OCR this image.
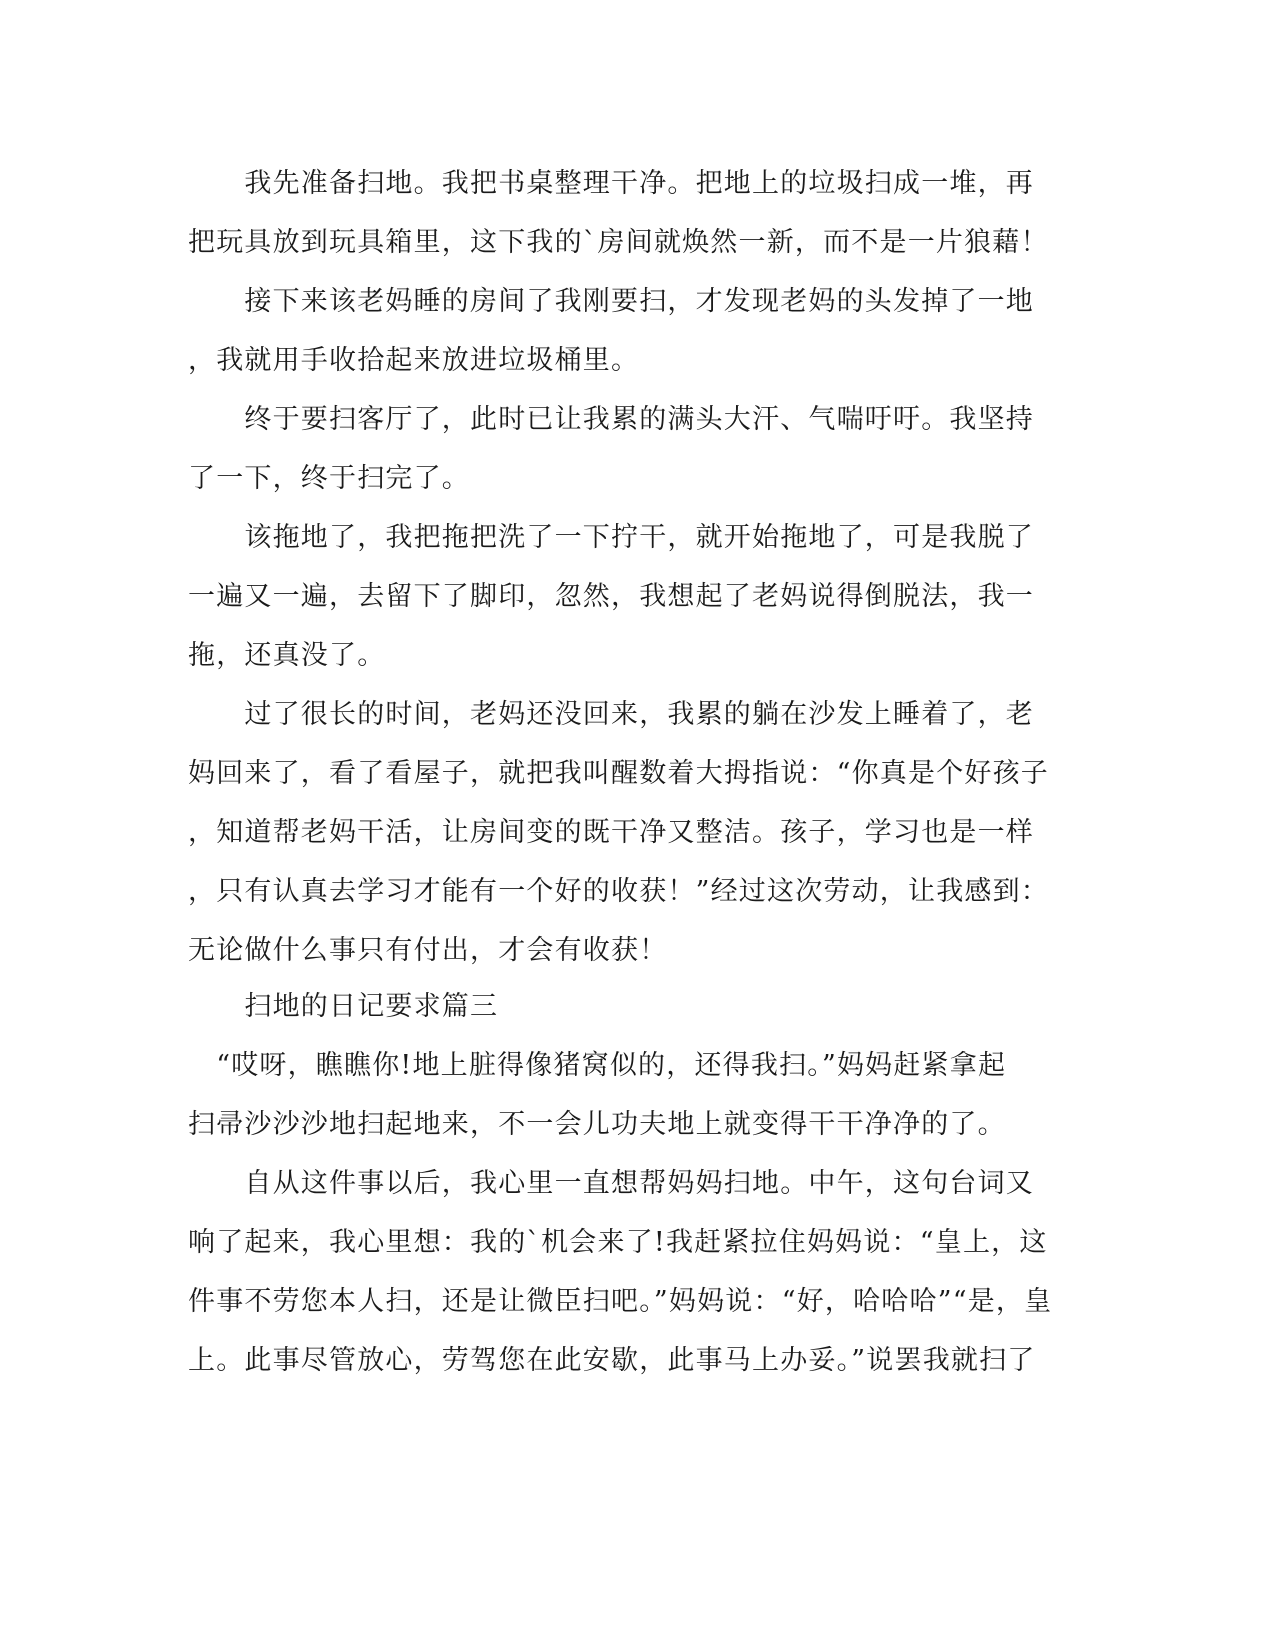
　　我先准备扫地。我把书桌整理干净。把地上的垃圾扫成一堆，再
把玩具放到玩具箱里，这下我的`房间就焕然一新，而不是一片狼藉！
　　接下来该老妈睡的房间了我刚要扫，才发现老妈的头发掉了一地
，我就用手收拾起来放进垃圾桶里。
　　终于要扫客厅了，此时已让我累的满头大汗、气喘吁吁。我坚持
了一下，终于扫完了。
　　该拖地了，我把拖把洗了一下拧干，就开始拖地了，可是我脱了
一遍又一遍，去留下了脚印，忽然，我想起了老妈说得倒脱法，我一
拖，还真没了。
　　过了很长的时间，老妈还没回来，我累的躺在沙发上睡着了，老
妈回来了，看了看屋子，就把我叫醒数着大拇指说：“你真是个好孩子
，知道帮老妈干活，让房间变的既干净又整洁。孩子，学习也是一样
，只有认真去学习才能有一个好的收获！”经过这次劳动，让我感到：
无论做什么事只有付出，才会有收获！
　　扫地的日记要求篇三
　“哎呀，瞧瞧你!地上脏得像猪窝似的，还得我扫。”妈妈赶紧拿起
扫帚沙沙沙地扫起地来，不一会儿功夫地上就变得干干净净的了。
　　自从这件事以后，我心里一直想帮妈妈扫地。中午，这句台词又
响了起来，我心里想：我的`机会来了!我赶紧拉住妈妈说：“皇上，这
件事不劳您本人扫，还是让微臣扫吧。”妈妈说：“好，哈哈哈”“是，皇
上。此事尽管放心，劳驾您在此安歇，此事马上办妥。”说罢我就扫了
